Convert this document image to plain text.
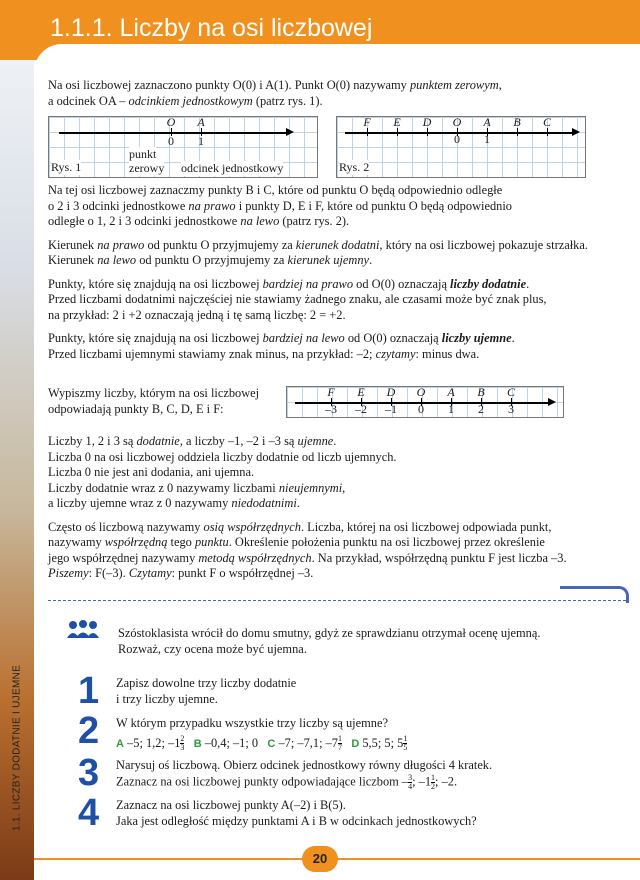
1.1.1. Liczby na osi liczbowej
1.1. LICZBY DODATNIE I UJEMNE

Na osi liczbowej zaznaczono punkty O(0) i A(1). Punkt O(0) nazywamy punktem zerowym,
a odcinek OA – odcinkiem jednostkowym (patrz rys. 1).

O A
0 1
Rys. 1
punkt
zerowy odcinek jednostkowy
F E D O
0
A
1
B C
Rys. 2

Na tej osi liczbowej zaznaczmy punkty B i C, które od punktu O będą odpowiednio odległe
o 2 i 3 odcinki jednostkowe na prawo i punkty D, E i F, które od punktu O będą odpowiednio
odległe o 1, 2 i 3 odcinki jednostkowe na lewo (patrz rys. 2).

Kierunek na prawo od punktu O przyjmujemy za kierunek dodatni, który na osi liczbowej pokazuje strzałka.
Kierunek na lewo od punktu O przyjmujemy za kierunek ujemny.

Punkty, które się znajdują na osi liczbowej bardziej na prawo od O(0) oznaczają liczby dodatnie.
Przed liczbami dodatnimi najczęściej nie stawiamy żadnego znaku, ale czasami może być znak plus,
na przykład: 2 i +2 oznaczają jedną i tę samą liczbę: 2 = +2.

Punkty, które się znajdują na osi liczbowej bardziej na lewo od O(0) oznaczają liczby ujemne.
Przed liczbami ujemnymi stawiamy znak minus, na przykład: –2; czytamy: minus dwa.

Wypiszmy liczby, którym na osi liczbowej
odpowiadają punkty B, C, D, E i F:

F
–3
E
–2
D
–1
O
0
A
1
B
2
C
3

Liczby 1, 2 i 3 są dodatnie, a liczby –1, –2 i –3 są ujemne.
Liczba 0 na osi liczbowej oddziela liczby dodatnie od liczb ujemnych.
Liczba 0 nie jest ani dodania, ani ujemna.
Liczby dodatnie wraz z 0 nazywamy liczbami nieujemnymi,
a liczby ujemne wraz z 0 nazywamy niedodatnimi.

Często oś liczbową nazywamy osią współrzędnych. Liczba, której na osi liczbowej odpowiada punkt,
nazywamy współrzędną tego punktu. Określenie położenia punktu na osi liczbowej przez określenie
jego współrzędnej nazywamy metodą współrzędnych. Na przykład, współrzędną punktu F jest liczba –3.
Piszemy: F(–3). Czytamy: punkt F o współrzędnej –3.

Szóstoklasista wrócił do domu smutny, gdyż ze sprawdzianu otrzymał ocenę ujemną.
Rozważ, czy ocena może być ujemna.

1 Zapisz dowolne trzy liczby dodatnie
i trzy liczby ujemne.

2 W którym przypadku wszystkie trzy liczby są ujemne?

A –5; 1,2; $-1 \frac{2}{3}$ B –0,4; –1; 0 C –7; –7,1; $-7 \frac{1}{7}$ D 5,5; 5; $5 \frac{1}{5}$
3 Narysuj oś liczbową. Obierz odcinek jednostkowy równy długości 4 kratek.
Zaznacz na osi liczbowej punkty odpowiadające liczbom – $\frac{3}{4}$ ; $-1 \frac{1}{2}$ ; –2.

4 Zaznacz na osi liczbowej punkty A(–2) i B(5).
Jaka jest odległość między punktami A i B w odcinkach jednostkowych?

20
